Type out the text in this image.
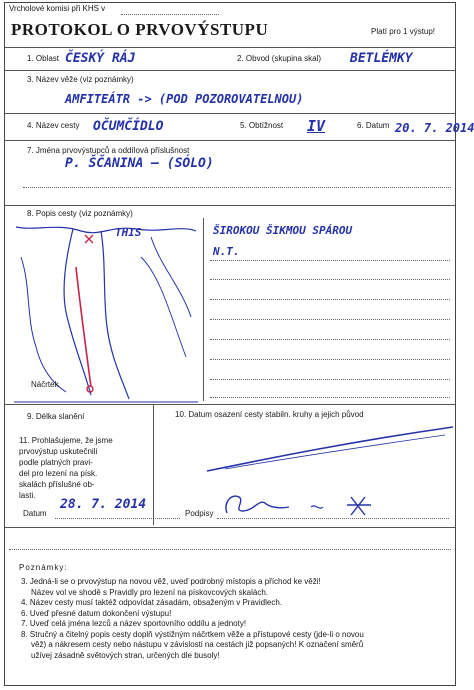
Vrcholové komisi při KHS v
PROTOKOL O PRVOVÝSTUPU	Platí pro 1 výstup!
1. Oblast ČESKÝ RÁJ	2. Obvod (skupina skal) BETLÉMKY
3. Název věže (viz poznámky)
AMFITEÁTR -> (POD POZOROVATELNOU)
4. Název cesty OČUMČÍDLO	5. Obtížnost IV	6. Datum 20. 7. 2014
7. Jména prvovýstupců a oddílová příslušnost
P. ŠČANINA – (SÓLO)
8. Popis cesty (viz poznámky)
ŠIROKOU ŠIKMOU SPÁROU
N.T.
THIS
Náčrtek
9. Délka slanění	10. Datum osazení cesty stabiln. kruhy a jejich původ
11. Prohlašujeme, že jsme
prvovýstup uskutečnili
podle platných pravi-
del pro lezení na písk.
skalách příslušné ob-
lasti.
Datum
28. 7. 2014
Podpisy
Poznámky:
3. Jedná-li se o prvovýstup na novou věž, uveď podrobný místopis a příchod ke věži!
Název vol ve shodě s Pravidly pro lezení na pískovcových skalách.
4. Název cesty musí taktéž odpovídat zásadám, obsaženým v Pravidlech.
6. Uveď přesné datum dokončení výstupu!
7. Uveď celá jména lezců a název sportovního oddílu a jednoty!
8. Stručný a čitelný popis cesty doplň výstižným náčrtkem věže a přístupové cesty (jde-li o novou
věž) a nákresem cesty nebo nástupu v závislosti na cestách již popsaných! K označení směrů
užívej zásadně světových stran, určených dle busoly!
